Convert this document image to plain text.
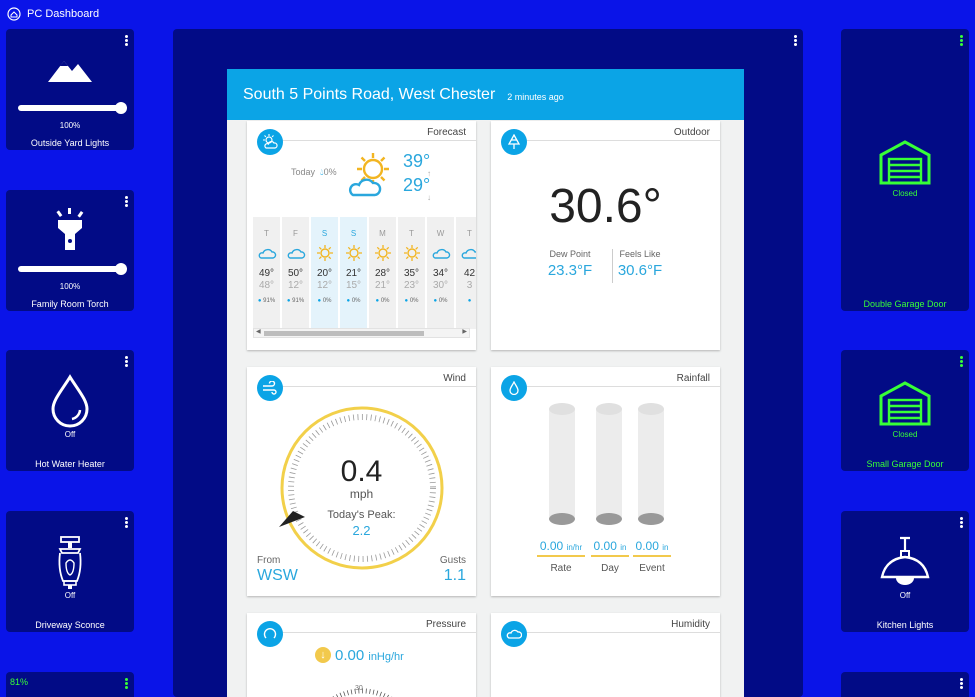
PC Dashboard
100%
Outside Yard Lights
100%
Family Room Torch
Off
Hot Water Heater
Off
Driveway Sconce
81%
South 5 Points Road, West Chester 2 minutes ago
Forecast
Today 💧︎0%
39°
↑
29°
↓
T
49°
48°
● 91%
F
50°
12°
● 91%
S
20°
12°
● 0%
S
21°
15°
● 0%
M
28°
21°
● 0%
T
35°
23°
● 0%
W
34°
30°
● 0%
T
42
3
●
◀	▶
Outdoor
30.6°
Dew Point
23.3°F
Feels Like
30.6°F
Wind
0.4
mph
Today's Peak:
2.2
From
WSW
Gusts
1.1
Rainfall
0.00 in/hr
Rate
0.00 in
Day
0.00 in
Event
Pressure
↓ 0.00 inHg/hr
30
Humidity
Closed
Double Garage Door
Closed
Small Garage Door
Off
Kitchen Lights
